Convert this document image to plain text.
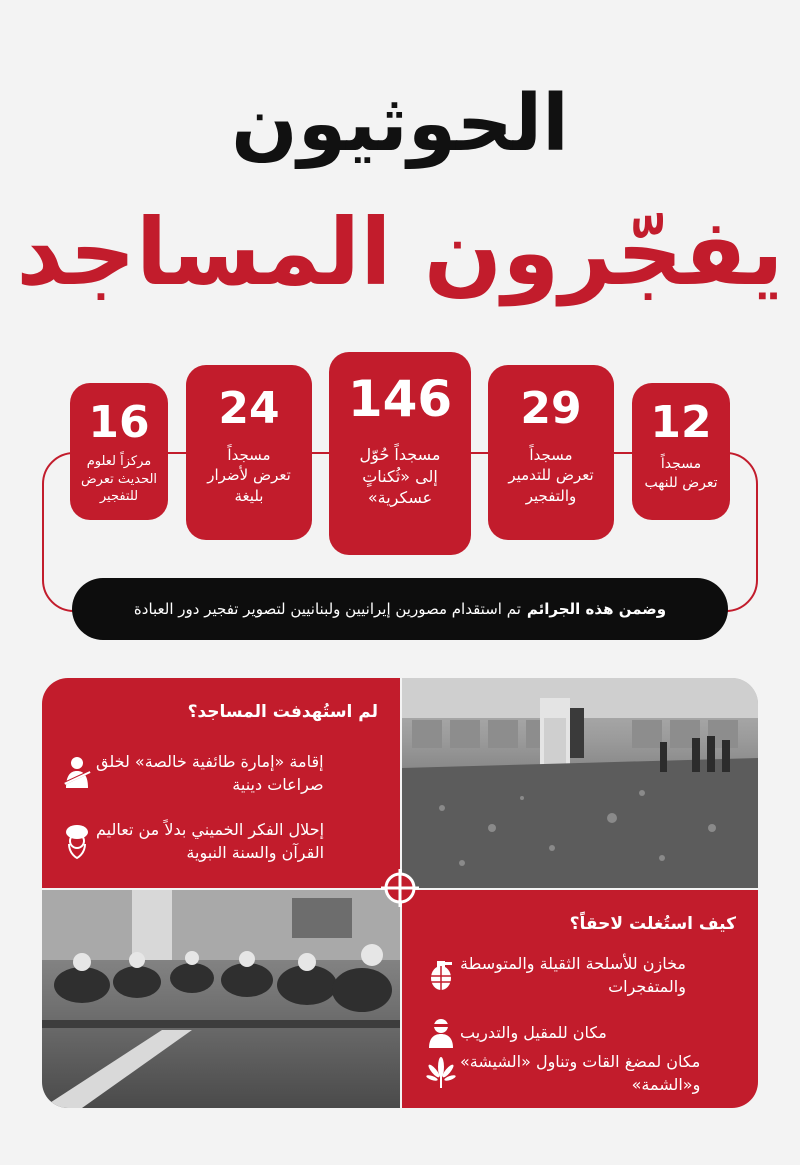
الحوثيون
يفجّرون المساجد
12
مسجداً
تعرض للنهب
29
مسجداً
تعرض للتدمير
والتفجير
146
مسجداً حُوّل
إلى «ثُكناتٍ
عسكرية»
24
مسجداً
تعرض لأضرار
بليغة
16
مركزاً لعلوم
الحديث تعرض
للتفجير
وضمن هذه الجرائم
تم استقدام مصورين إيرانيين ولبنانيين لتصوير تفجير دور العبادة
لم استُهدفت المساجد؟
إقامة «إمارة طائفية خالصة» لخلق
صراعات دينية
إحلال الفكر الخميني بدلاً من تعاليم
القرآن والسنة النبوية
كيف استُغلت لاحقاً؟
مخازن للأسلحة الثقيلة والمتوسطة
والمتفجرات
مكان للمقيل والتدريب
مكان لمضغ القات وتناول «الشيشة»
و«الشمة»
